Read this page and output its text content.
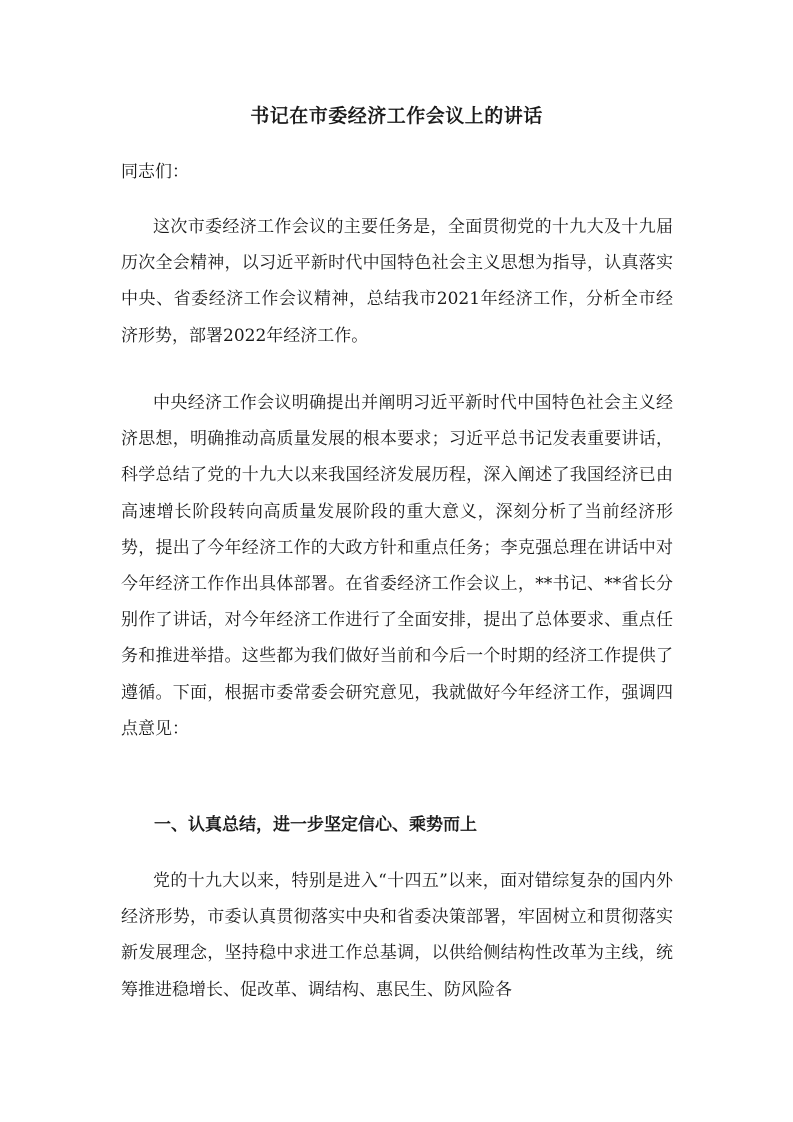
书记在市委经济工作会议上的讲话

同志们：

这次市委经济工作会议的主要任务是，全面贯彻党的十九大及十九届历次全会精神，以习近平新时代中国特色社会主义思想为指导，认真落实中央、省委经济工作会议精神，总结我市2021年经济工作，分析全市经济形势，部署2022年经济工作。

中央经济工作会议明确提出并阐明习近平新时代中国特色社会主义经济思想，明确推动高质量发展的根本要求；习近平总书记发表重要讲话，科学总结了党的十九大以来我国经济发展历程，深入阐述了我国经济已由高速增长阶段转向高质量发展阶段的重大意义，深刻分析了当前经济形势，提出了今年经济工作的大政方针和重点任务；李克强总理在讲话中对今年经济工作作出具体部署。在省委经济工作会议上，**书记、**省长分别作了讲话，对今年经济工作进行了全面安排，提出了总体要求、重点任务和推进举措。这些都为我们做好当前和今后一个时期的经济工作提供了遵循。下面，根据市委常委会研究意见，我就做好今年经济工作，强调四点意见：

一、认真总结，进一步坚定信心、乘势而上

党的十九大以来，特别是进入“十四五”以来，面对错综复杂的国内外经济形势，市委认真贯彻落实中央和省委决策部署，牢固树立和贯彻落实新发展理念，坚持稳中求进工作总基调，以供给侧结构性改革为主线，统筹推进稳增长、促改革、调结构、惠民生、防风险各
